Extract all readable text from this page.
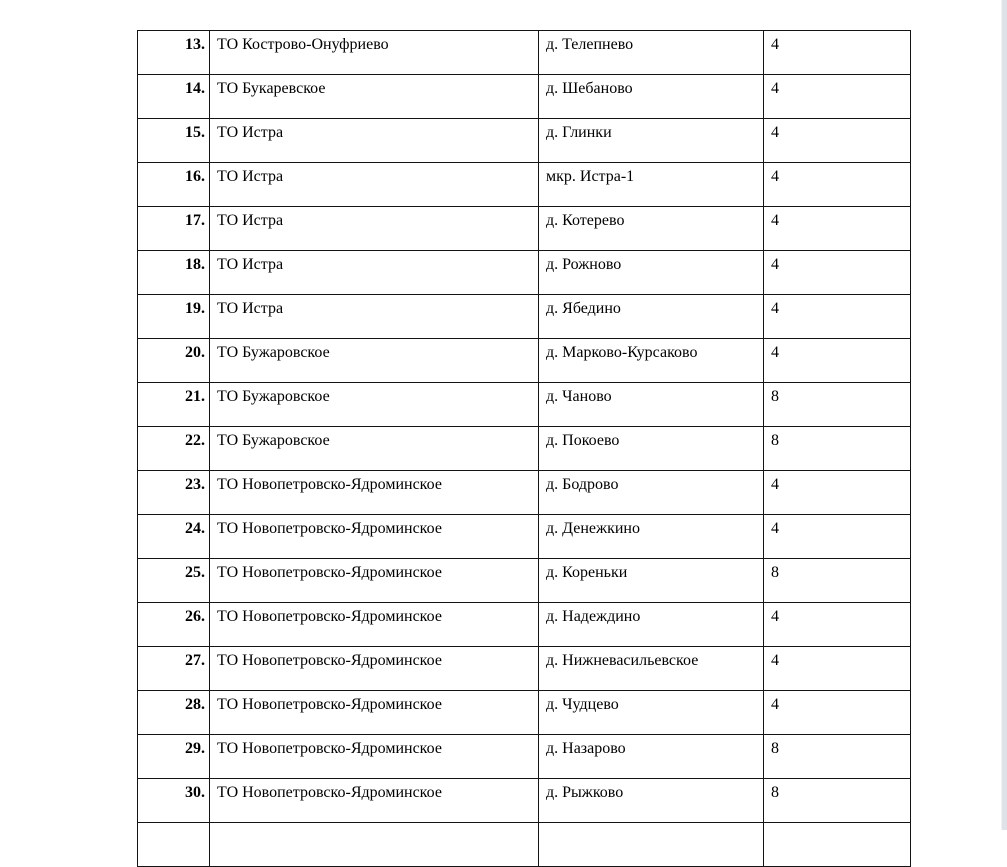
13.	ТО Кострово-Онуфриево	д. Телепнево	4
14.	ТО Букаревское	д. Шебаново	4
15.	ТО Истра	д. Глинки	4
16.	ТО Истра	мкр. Истра-1	4
17.	ТО Истра	д. Котерево	4
18.	ТО Истра	д. Рожново	4
19.	ТО Истра	д. Ябедино	4
20.	ТО Бужаровское	д. Марково-Курсаково	4
21.	ТО Бужаровское	д. Чаново	8
22.	ТО Бужаровское	д. Покоево	8
23.	ТО Новопетровско-Ядроминское	д. Бодрово	4
24.	ТО Новопетровско-Ядроминское	д. Денежкино	4
25.	ТО Новопетровско-Ядроминское	д. Кореньки	8
26.	ТО Новопетровско-Ядроминское	д. Надеждино	4
27.	ТО Новопетровско-Ядроминское	д. Нижневасильевское	4
28.	ТО Новопетровско-Ядроминское	д. Чудцево	4
29.	ТО Новопетровско-Ядроминское	д. Назарово	8
30.	ТО Новопетровско-Ядроминское	д. Рыжково	8
